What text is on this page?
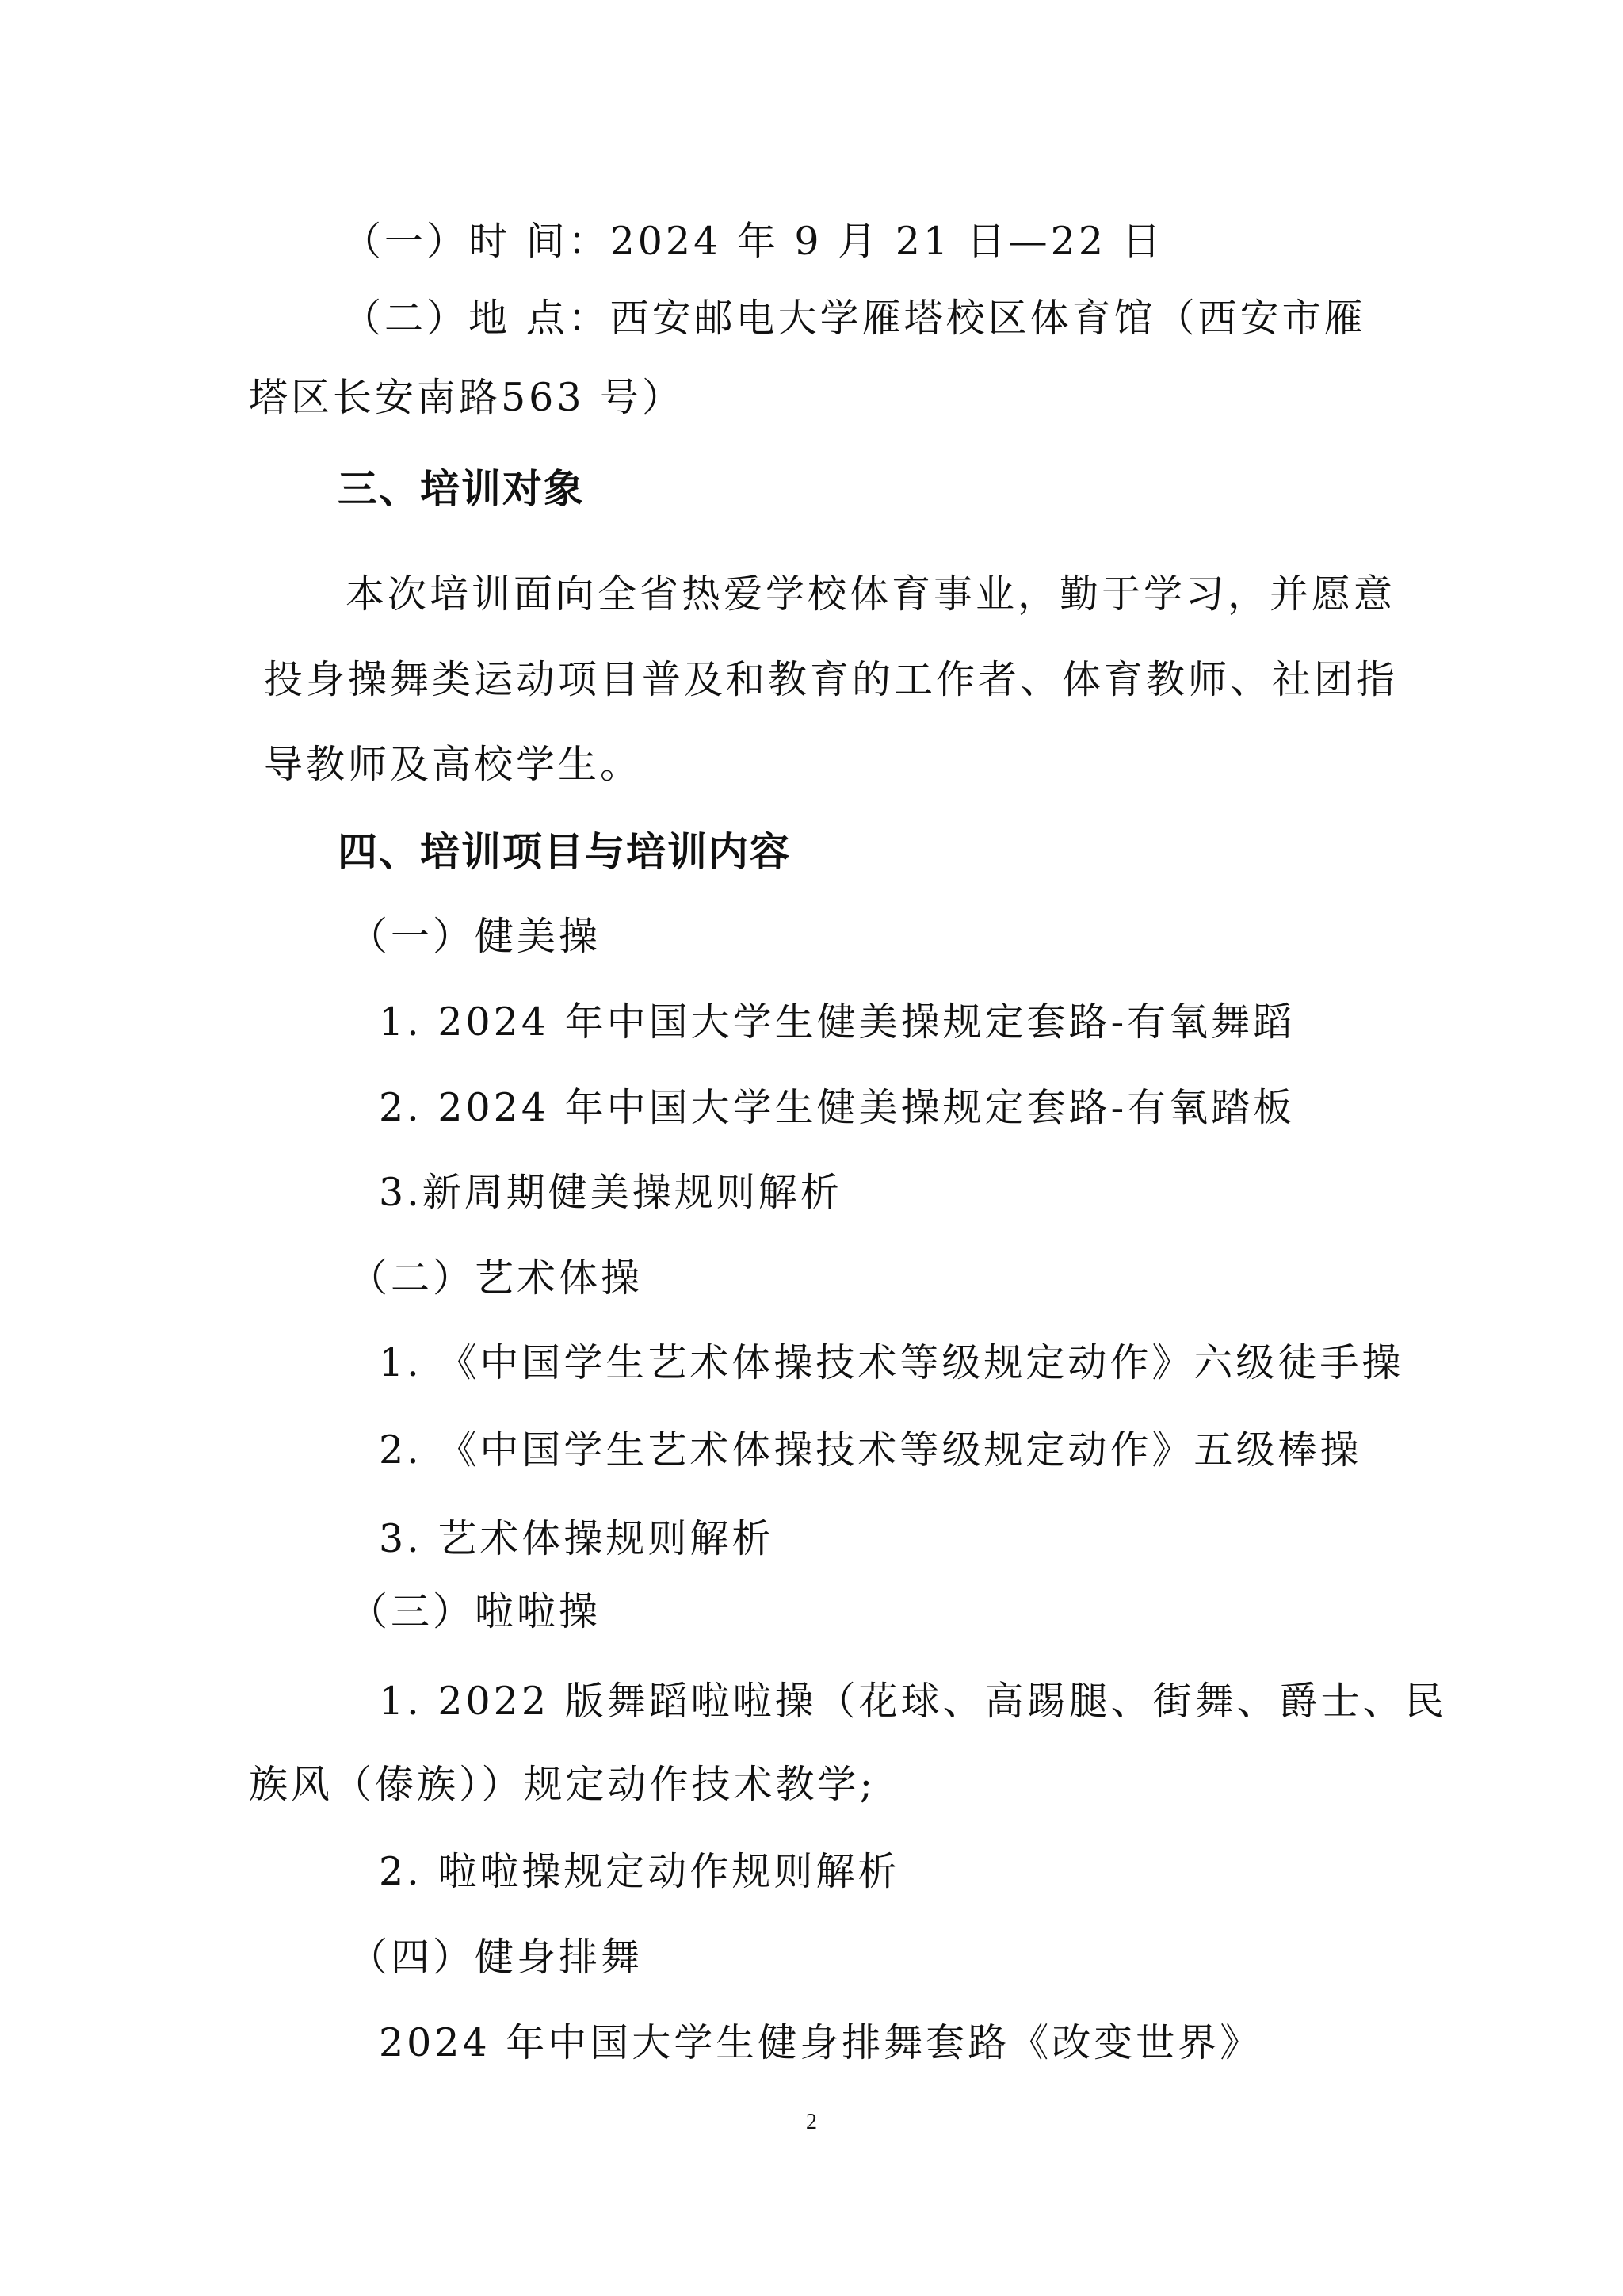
（一）时 间：2024 年 9 月 21 日—22 日
（二）地 点：西安邮电大学雁塔校区体育馆（西安市雁
塔区长安南路563 号）
三、培训对象
本次培训面向全省热爱学校体育事业，勤于学习，并愿意
投身操舞类运动项目普及和教育的工作者、体育教师、社团指
导教师及高校学生。
四、培训项目与培训内容
（一）健美操
1. 2024 年中国大学生健美操规定套路-有氧舞蹈
2. 2024 年中国大学生健美操规定套路-有氧踏板
3.新周期健美操规则解析
（二）艺术体操
1. 《中国学生艺术体操技术等级规定动作》六级徒手操
2. 《中国学生艺术体操技术等级规定动作》五级棒操
3. 艺术体操规则解析
（三）啦啦操
1. 2022 版舞蹈啦啦操（花球、高踢腿、街舞、爵士、民
族风（傣族））规定动作技术教学;
2. 啦啦操规定动作规则解析
（四）健身排舞
2024 年中国大学生健身排舞套路《改变世界》
2
